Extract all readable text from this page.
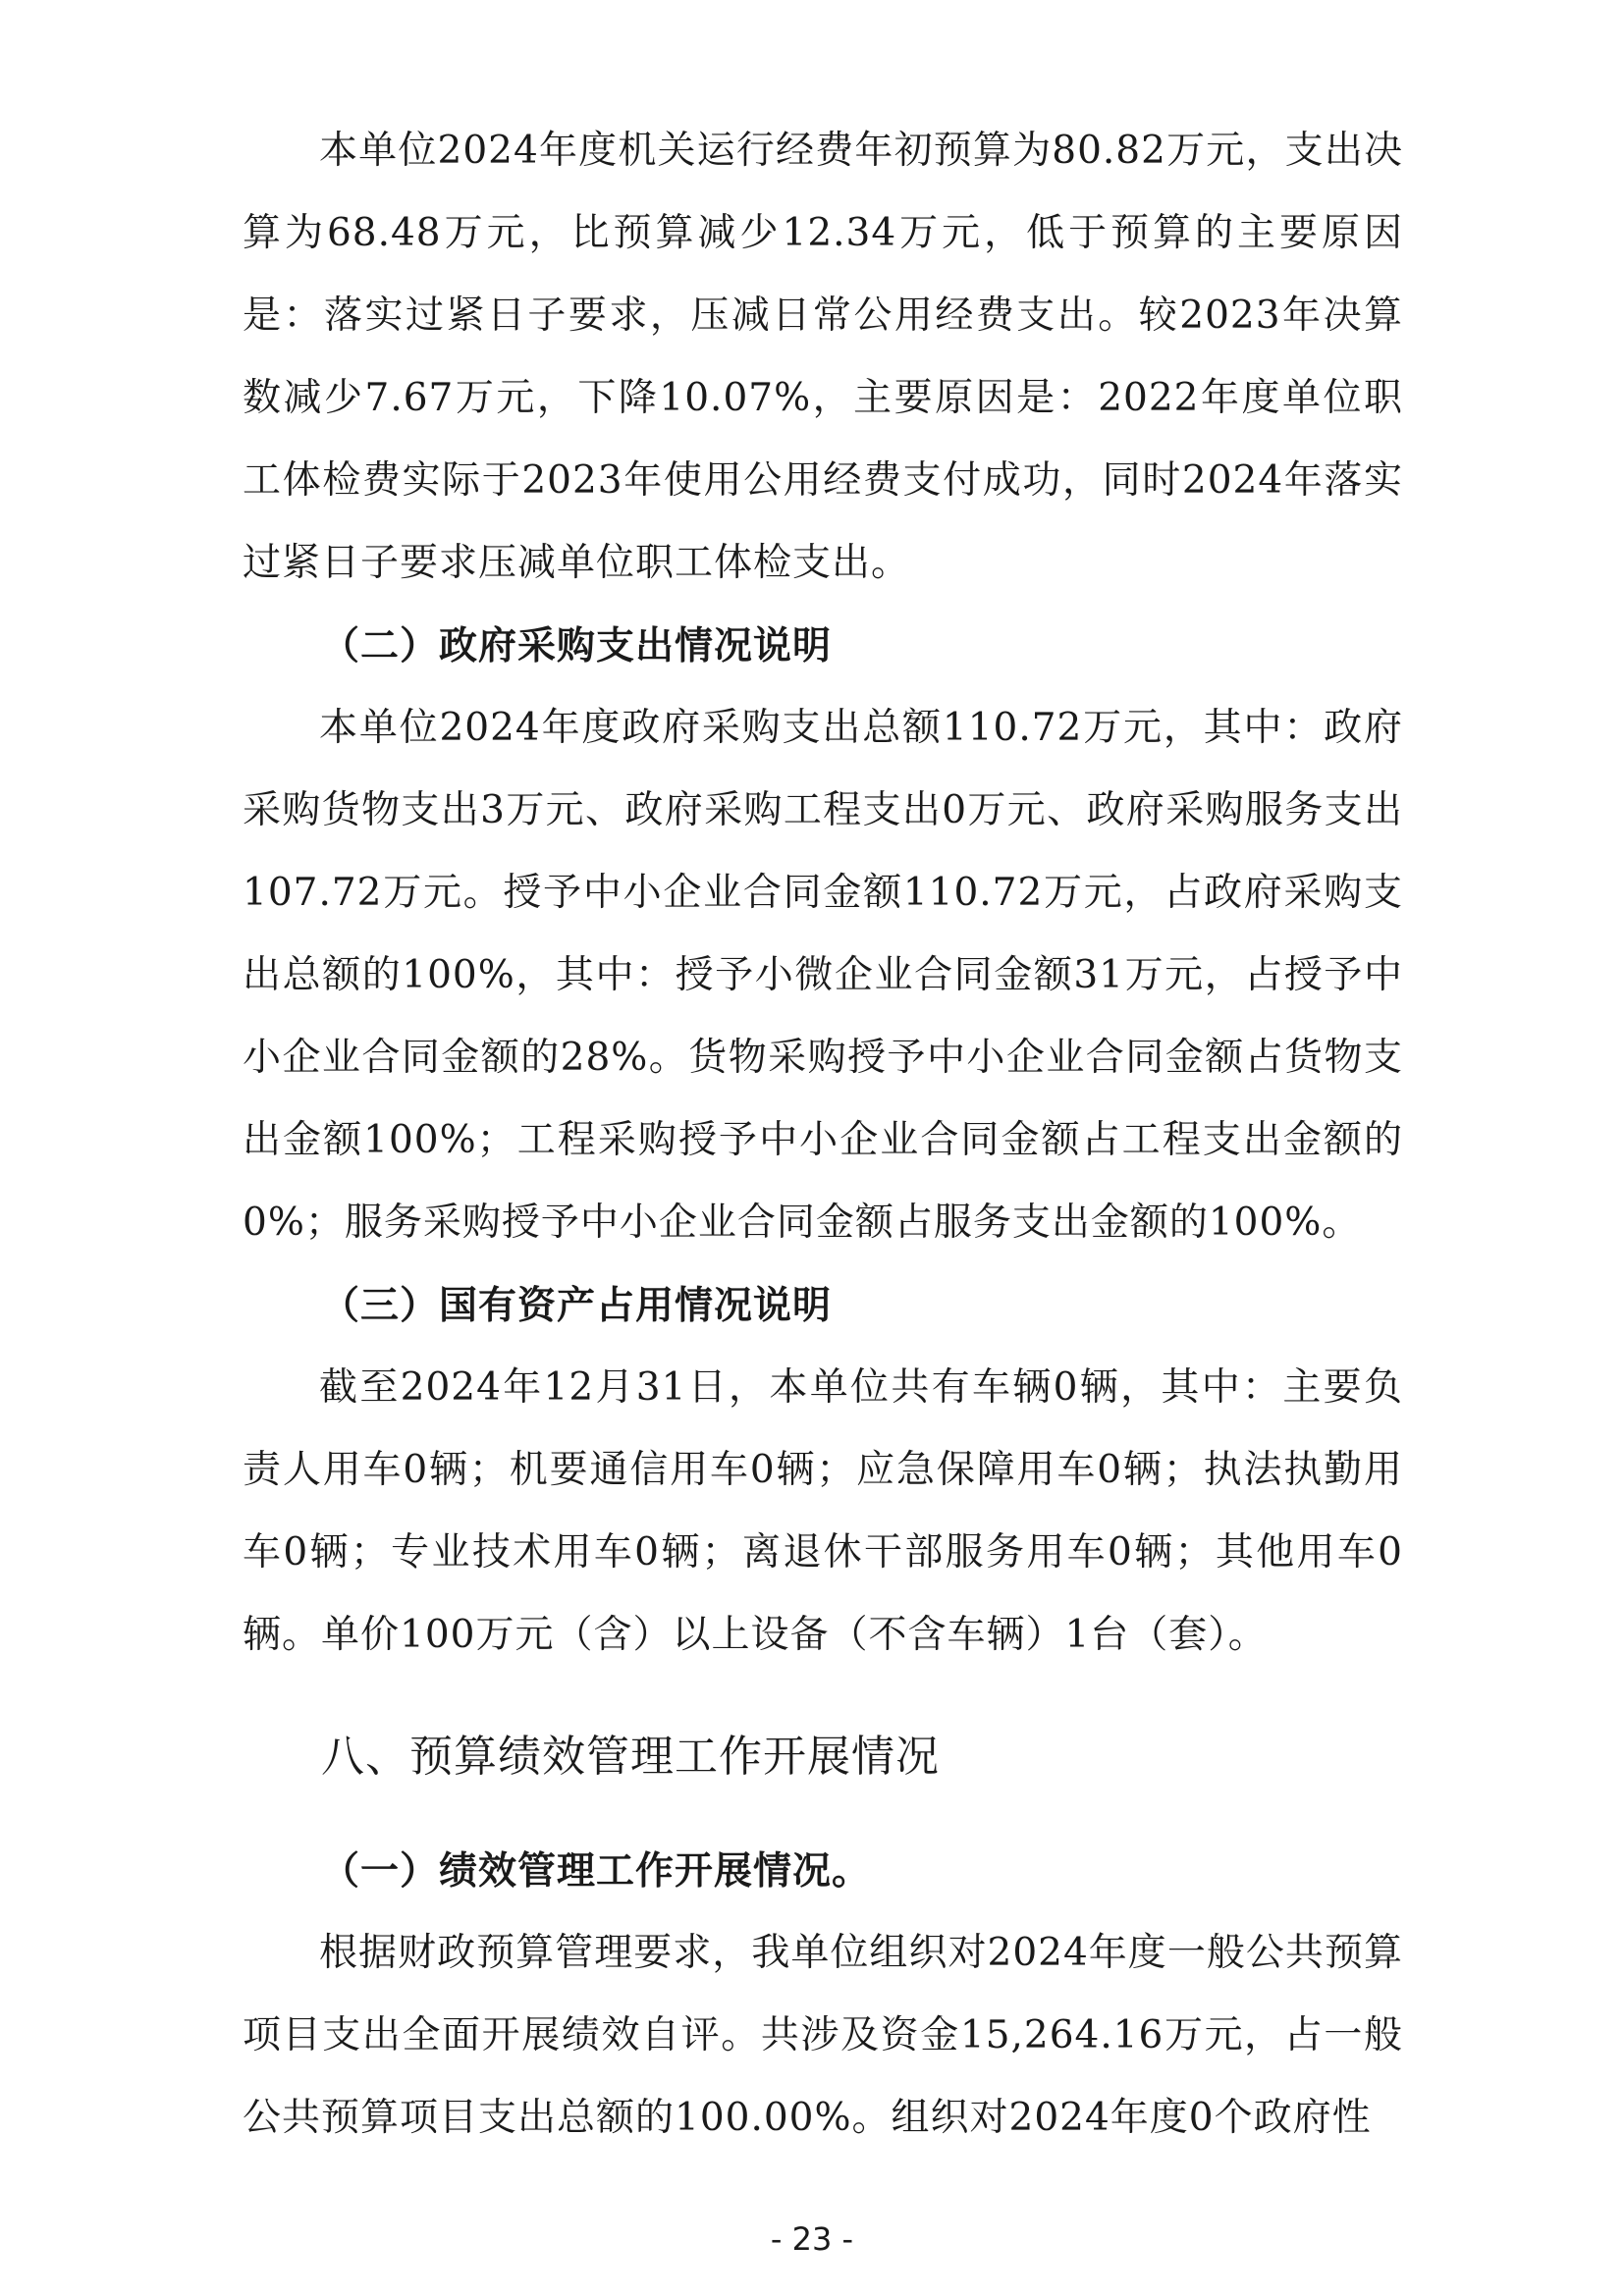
本单位2024年度机关运行经费年初预算为80.82万元，支出决算为68.48万元，比预算减少12.34万元，低于预算的主要原因是：落实过紧日子要求，压减日常公用经费支出。较2023年决算数减少7.67万元，下降10.07%，主要原因是：2022年度单位职工体检费实际于2023年使用公用经费支付成功，同时2024年落实过紧日子要求压减单位职工体检支出。

（二）政府采购支出情况说明

本单位2024年度政府采购支出总额110.72万元，其中：政府采购货物支出3万元、政府采购工程支出0万元、政府采购服务支出107.72万元。授予中小企业合同金额110.72万元，占政府采购支出总额的100%，其中：授予小微企业合同金额31万元，占授予中小企业合同金额的28%。货物采购授予中小企业合同金额占货物支出金额100%；工程采购授予中小企业合同金额占工程支出金额的0%；服务采购授予中小企业合同金额占服务支出金额的100%。

（三）国有资产占用情况说明

截至2024年12月31日，本单位共有车辆0辆，其中：主要负责人用车0辆；机要通信用车0辆；应急保障用车0辆；执法执勤用车0辆；专业技术用车0辆；离退休干部服务用车0辆；其他用车0辆。单价100万元（含）以上设备（不含车辆）1台（套）。

八、预算绩效管理工作开展情况

（一）绩效管理工作开展情况。

根据财政预算管理要求，我单位组织对2024年度一般公共预算项目支出全面开展绩效自评。共涉及资金15,264.16万元，占一般公共预算项目支出总额的100.00%。组织对2024年度0个政府性

- 23 -
